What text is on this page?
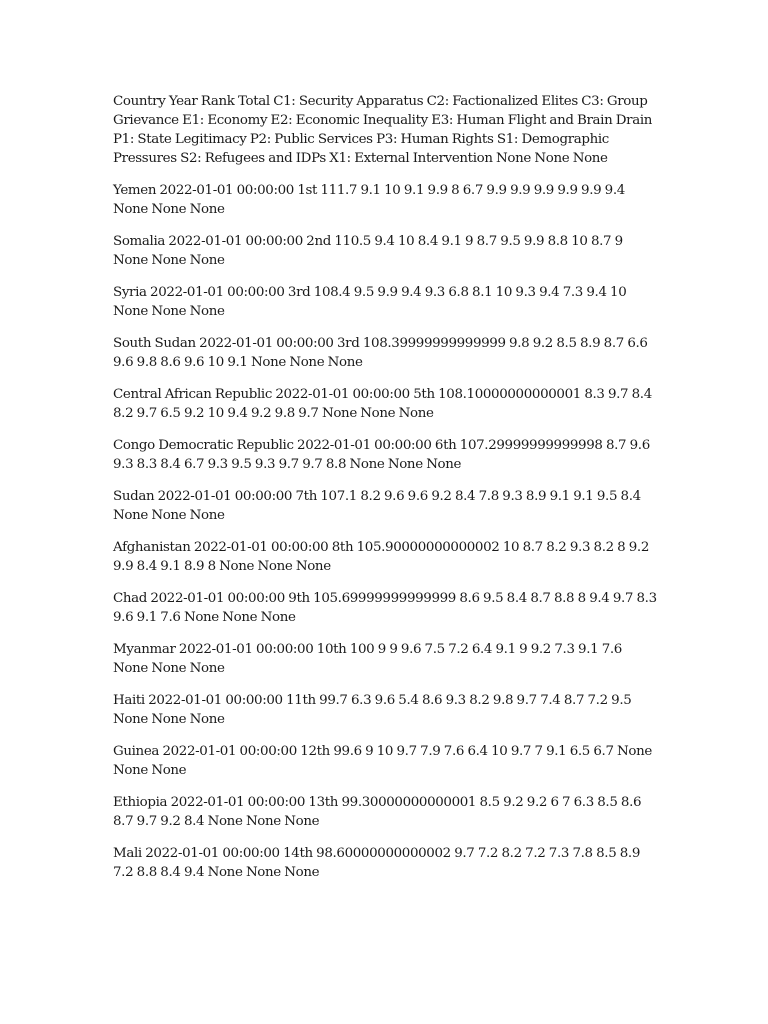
Country Year Rank Total C1: Security Apparatus C2: Factionalized Elites C3: Group Grievance E1: Economy E2: Economic Inequality E3: Human Flight and Brain Drain P1: State Legitimacy P2: Public Services P3: Human Rights S1: Demographic Pressures S2: Refugees and IDPs X1: External Intervention None None None

Yemen 2022-01-01 00:00:00 1st 111.7 9.1 10 9.1 9.9 8 6.7 9.9 9.9 9.9 9.9 9.9 9.4 None None None

Somalia 2022-01-01 00:00:00 2nd 110.5 9.4 10 8.4 9.1 9 8.7 9.5 9.9 8.8 10 8.7 9 None None None

Syria 2022-01-01 00:00:00 3rd 108.4 9.5 9.9 9.4 9.3 6.8 8.1 10 9.3 9.4 7.3 9.4 10 None None None

South Sudan 2022-01-01 00:00:00 3rd 108.39999999999999 9.8 9.2 8.5 8.9 8.7 6.6 9.6 9.8 8.6 9.6 10 9.1 None None None

Central African Republic 2022-01-01 00:00:00 5th 108.10000000000001 8.3 9.7 8.4 8.2 9.7 6.5 9.2 10 9.4 9.2 9.8 9.7 None None None

Congo Democratic Republic 2022-01-01 00:00:00 6th 107.29999999999998 8.7 9.6 9.3 8.3 8.4 6.7 9.3 9.5 9.3 9.7 9.7 8.8 None None None

Sudan 2022-01-01 00:00:00 7th 107.1 8.2 9.6 9.6 9.2 8.4 7.8 9.3 8.9 9.1 9.1 9.5 8.4 None None None

Afghanistan 2022-01-01 00:00:00 8th 105.90000000000002 10 8.7 8.2 9.3 8.2 8 9.2 9.9 8.4 9.1 8.9 8 None None None

Chad 2022-01-01 00:00:00 9th 105.69999999999999 8.6 9.5 8.4 8.7 8.8 8 9.4 9.7 8.3 9.6 9.1 7.6 None None None

Myanmar 2022-01-01 00:00:00 10th 100 9 9 9.6 7.5 7.2 6.4 9.1 9 9.2 7.3 9.1 7.6 None None None

Haiti 2022-01-01 00:00:00 11th 99.7 6.3 9.6 5.4 8.6 9.3 8.2 9.8 9.7 7.4 8.7 7.2 9.5 None None None

Guinea 2022-01-01 00:00:00 12th 99.6 9 10 9.7 7.9 7.6 6.4 10 9.7 7 9.1 6.5 6.7 None None None

Ethiopia 2022-01-01 00:00:00 13th 99.30000000000001 8.5 9.2 9.2 6 7 6.3 8.5 8.6 8.7 9.7 9.2 8.4 None None None

Mali 2022-01-01 00:00:00 14th 98.60000000000002 9.7 7.2 8.2 7.2 7.3 7.8 8.5 8.9 7.2 8.8 8.4 9.4 None None None
